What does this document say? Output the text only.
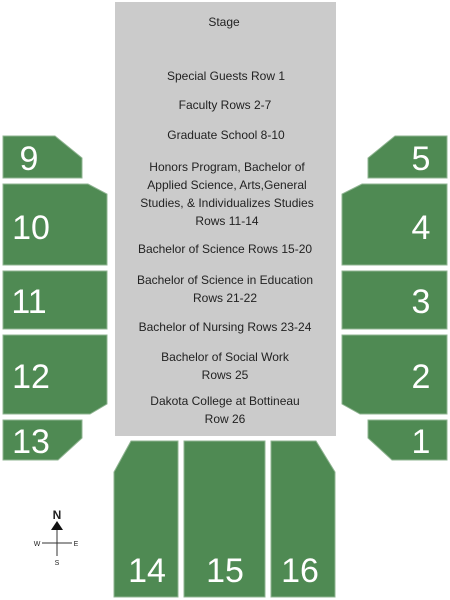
Stage
Special Guests Row 1
Faculty Rows 2-7
Graduate School 8-10
Honors Program, Bachelor of
Applied Science, Arts,General
Studies, & Individualizes Studies
Rows 11-14
Bachelor of Science Rows 15-20
Bachelor of Science in Education
Rows 21-22
Bachelor of Nursing Rows 23-24
Bachelor of Social Work
Rows 25
Dakota College at Bottineau
Row 26
9
10
11
12
13
5
4
3
2
1
14 15 16
N
S
W	E
